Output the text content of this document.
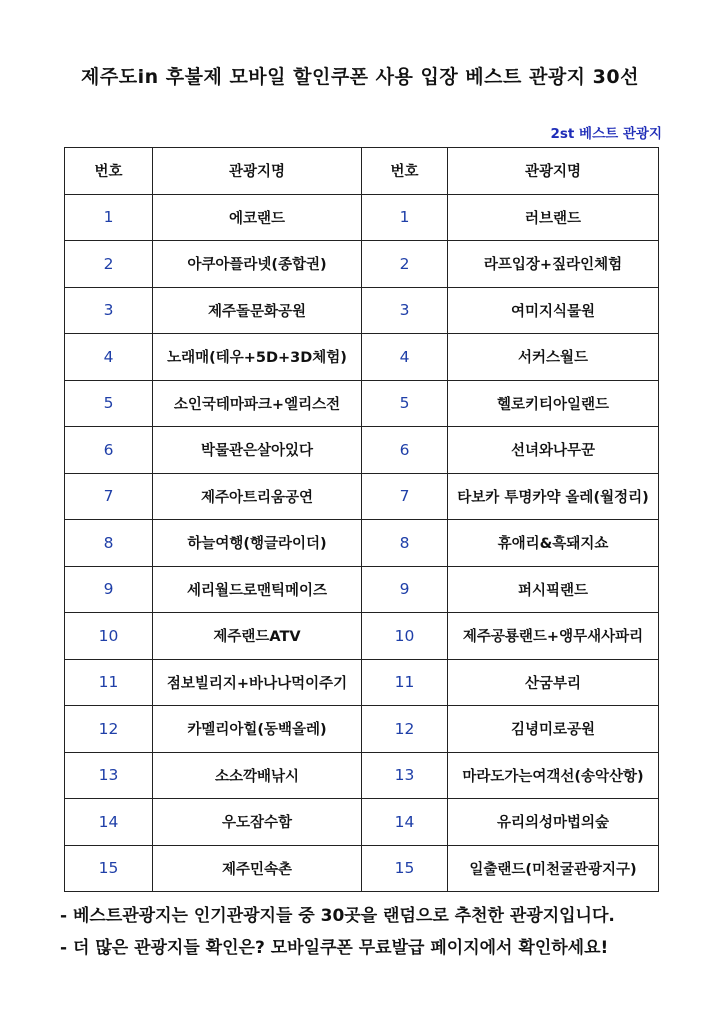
제주도in 후불제 모바일 할인쿠폰 사용 입장 베스트 관광지 30선
2st 베스트 관광지
번호	관광지명	번호	관광지명
1	에코랜드	1	러브랜드
2	아쿠아플라넷(종합권)	2	라프입장+짚라인체험
3	제주돌문화공원	3	여미지식물원
4	노래매(테우+5D+3D체험)	4	서커스월드
5	소인국테마파크+엘리스전	5	헬로키티아일랜드
6	박물관은살아있다	6	선녀와나무꾼
7	제주아트리움공연	7	타보카 투명카약 올레(월정리)
8	하늘여행(행글라이더)	8	휴애리&흑돼지쇼
9	세리월드로맨틱메이즈	9	퍼시픽랜드
10	제주랜드ATV	10	제주공룡랜드+앵무새사파리
11	점보빌리지+바나나먹이주기	11	산굼부리
12	카멜리아힐(동백올레)	12	김녕미로공원
13	소소깍배낚시	13	마라도가는여객선(송악산항)
14	우도잠수함	14	유리의성마법의숲
15	제주민속촌	15	일출랜드(미천굴관광지구)
- 베스트관광지는 인기관광지들 중 30곳을 랜덤으로 추천한 관광지입니다.
- 더 많은 관광지들 확인은? 모바일쿠폰 무료발급 페이지에서 확인하세요!
